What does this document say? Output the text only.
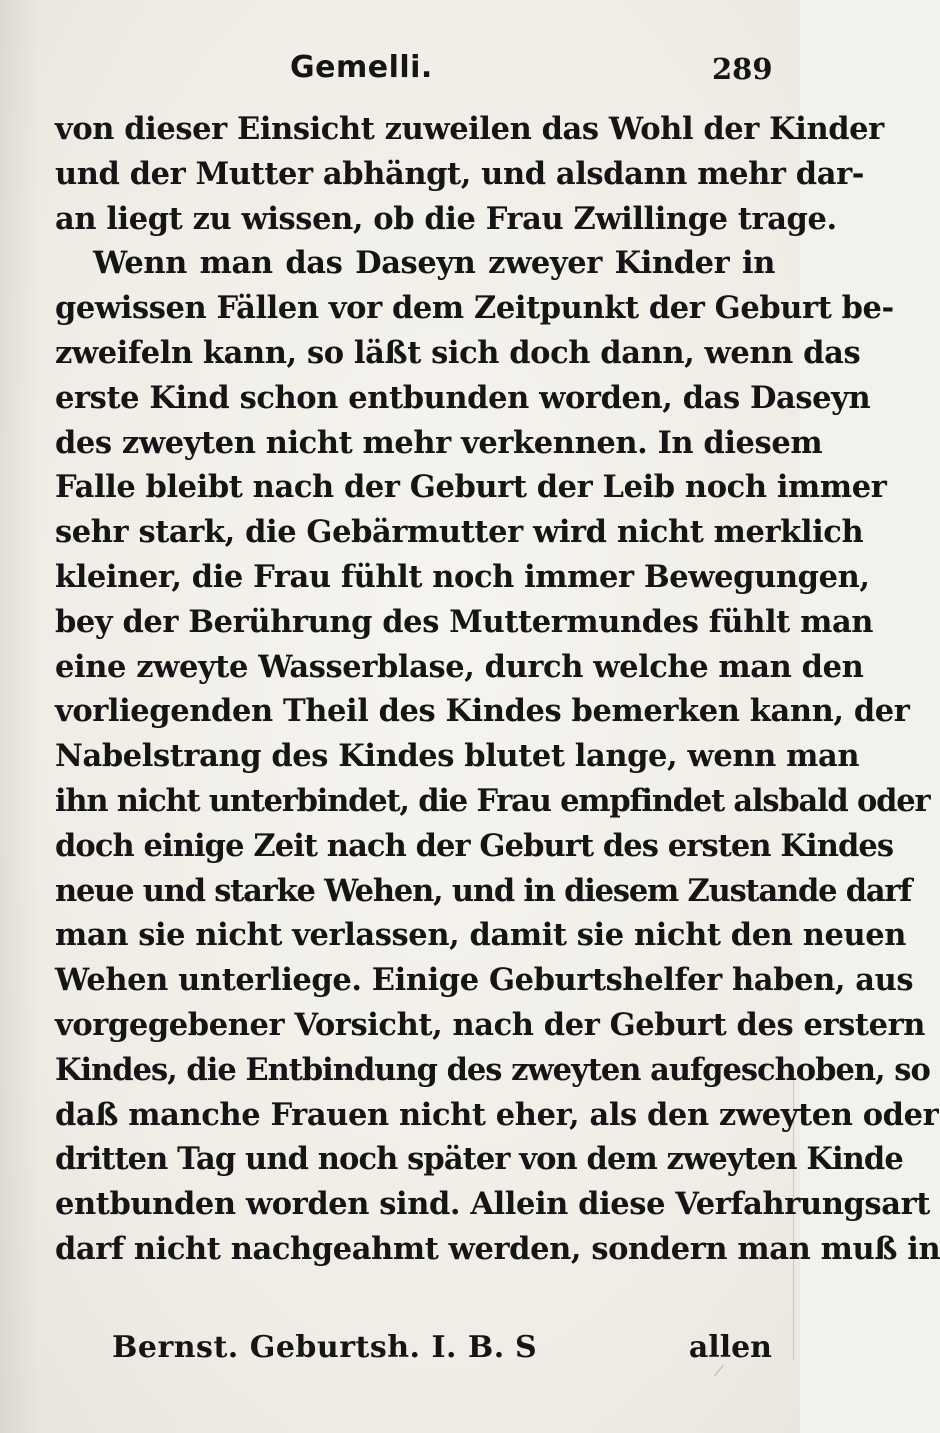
Gemelli.	289
von dieser Einsicht zuweilen das Wohl der Kinder
und der Mutter abhängt, und alsdann mehr dar-
an liegt zu wissen, ob die Frau Zwillinge trage.
Wenn man das Daseyn zweyer Kinder in
gewissen Fällen vor dem Zeitpunkt der Geburt be-
zweifeln kann, so läßt sich doch dann, wenn das
erste Kind schon entbunden worden, das Daseyn
des zweyten nicht mehr verkennen. In diesem
Falle bleibt nach der Geburt der Leib noch immer
sehr stark, die Gebärmutter wird nicht merklich
kleiner, die Frau fühlt noch immer Bewegungen,
bey der Berührung des Muttermundes fühlt man
eine zweyte Wasserblase, durch welche man den
vorliegenden Theil des Kindes bemerken kann, der
Nabelstrang des Kindes blutet lange, wenn man
ihn nicht unterbindet, die Frau empfindet alsbald oder
doch einige Zeit nach der Geburt des ersten Kindes
neue und starke Wehen, und in diesem Zustande darf
man sie nicht verlassen, damit sie nicht den neuen
Wehen unterliege. Einige Geburtshelfer haben, aus
vorgegebener Vorsicht, nach der Geburt des erstern
Kindes, die Entbindung des zweyten aufgeschoben, so
daß manche Frauen nicht eher, als den zweyten oder
dritten Tag und noch später von dem zweyten Kinde
entbunden worden sind. Allein diese Verfahrungsart
darf nicht nachgeahmt werden, sondern man muß in
Bernst. Geburtsh. I. B. S	allen
